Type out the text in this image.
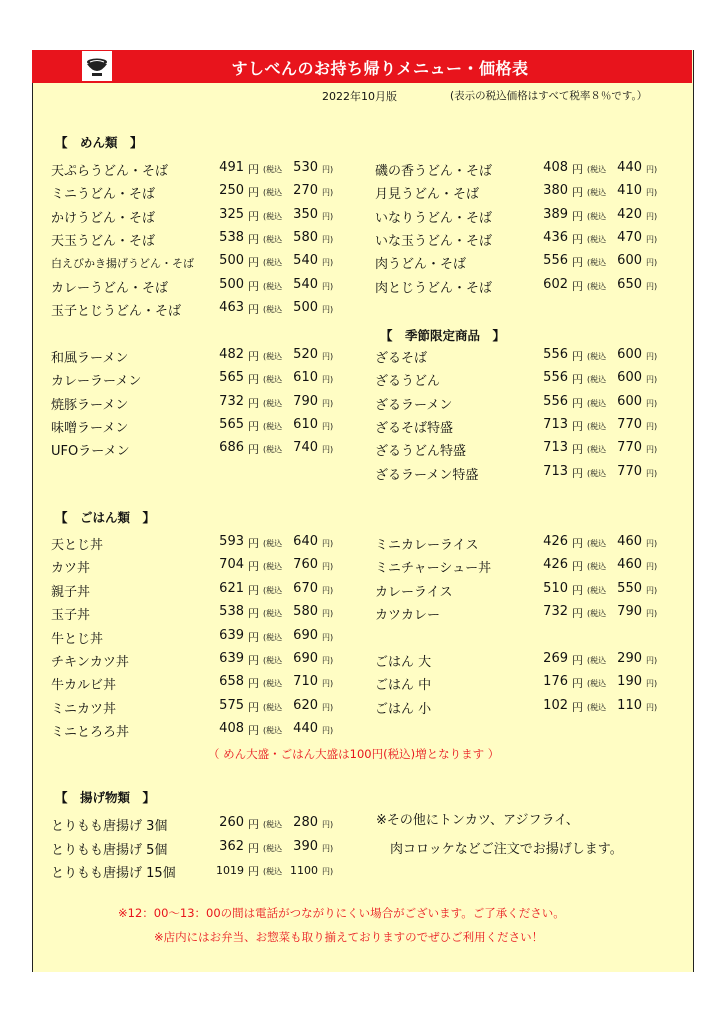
すしべんのお持ち帰りメニュー・価格表
2022年10月版	(表示の税込価格はすべて税率８％です。）
【　めん類　】
天ぷらうどん・そば	491 円 (税込 530 円)
ミニうどん・そば	250 円 (税込 270 円)
かけうどん・そば	325 円 (税込 350 円)
天玉うどん・そば	538 円 (税込 580 円)
白えびかき揚げうどん・そば	500 円 (税込 540 円)
カレーうどん・そば	500 円 (税込 540 円)
玉子とじうどん・そば	463 円 (税込 500 円)
磯の香うどん・そば	408 円 (税込 440 円)
月見うどん・そば	380 円 (税込 410 円)
いなりうどん・そば	389 円 (税込 420 円)
いな玉うどん・そば	436 円 (税込 470 円)
肉うどん・そば	556 円 (税込 600 円)
肉とじうどん・そば	602 円 (税込 650 円)
【　季節限定商品　】
和風ラーメン	482 円 (税込 520 円)
カレーラーメン	565 円 (税込 610 円)
焼豚ラーメン	732 円 (税込 790 円)
味噌ラーメン	565 円 (税込 610 円)
UFOラーメン	686 円 (税込 740 円)
ざるそば	556 円 (税込 600 円)
ざるうどん	556 円 (税込 600 円)
ざるラーメン	556 円 (税込 600 円)
ざるそば特盛	713 円 (税込 770 円)
ざるうどん特盛	713 円 (税込 770 円)
ざるラーメン特盛	713 円 (税込 770 円)
【　ごはん類　】
天とじ丼	593 円 (税込 640 円)
カツ丼	704 円 (税込 760 円)
親子丼	621 円 (税込 670 円)
玉子丼	538 円 (税込 580 円)
牛とじ丼	639 円 (税込 690 円)
チキンカツ丼	639 円 (税込 690 円)
牛カルビ丼	658 円 (税込 710 円)
ミニカツ丼	575 円 (税込 620 円)
ミニとろろ丼	408 円 (税込 440 円)
ミニカレーライス	426 円 (税込 460 円)
ミニチャーシュー丼	426 円 (税込 460 円)
カレーライス	510 円 (税込 550 円)
カツカレー	732 円 (税込 790 円)
ごはん 大	269 円 (税込 290 円)
ごはん 中	176 円 (税込 190 円)
ごはん 小	102 円 (税込 110 円)
（ めん大盛・ごはん大盛は100円(税込)増となります ）
【　揚げ物類　】
とりもも唐揚げ 3個	260 円 (税込 280 円)
とりもも唐揚げ 5個	362 円 (税込 390 円)
とりもも唐揚げ 15個	1019 円 (税込 1100 円)
※その他にトンカツ、アジフライ、
肉コロッケなどご注文でお揚げします。
※12：00～13：00の間は電話がつながりにくい場合がございます。ご了承ください。
※店内にはお弁当、お惣菜も取り揃えておりますのでぜひご利用ください！
